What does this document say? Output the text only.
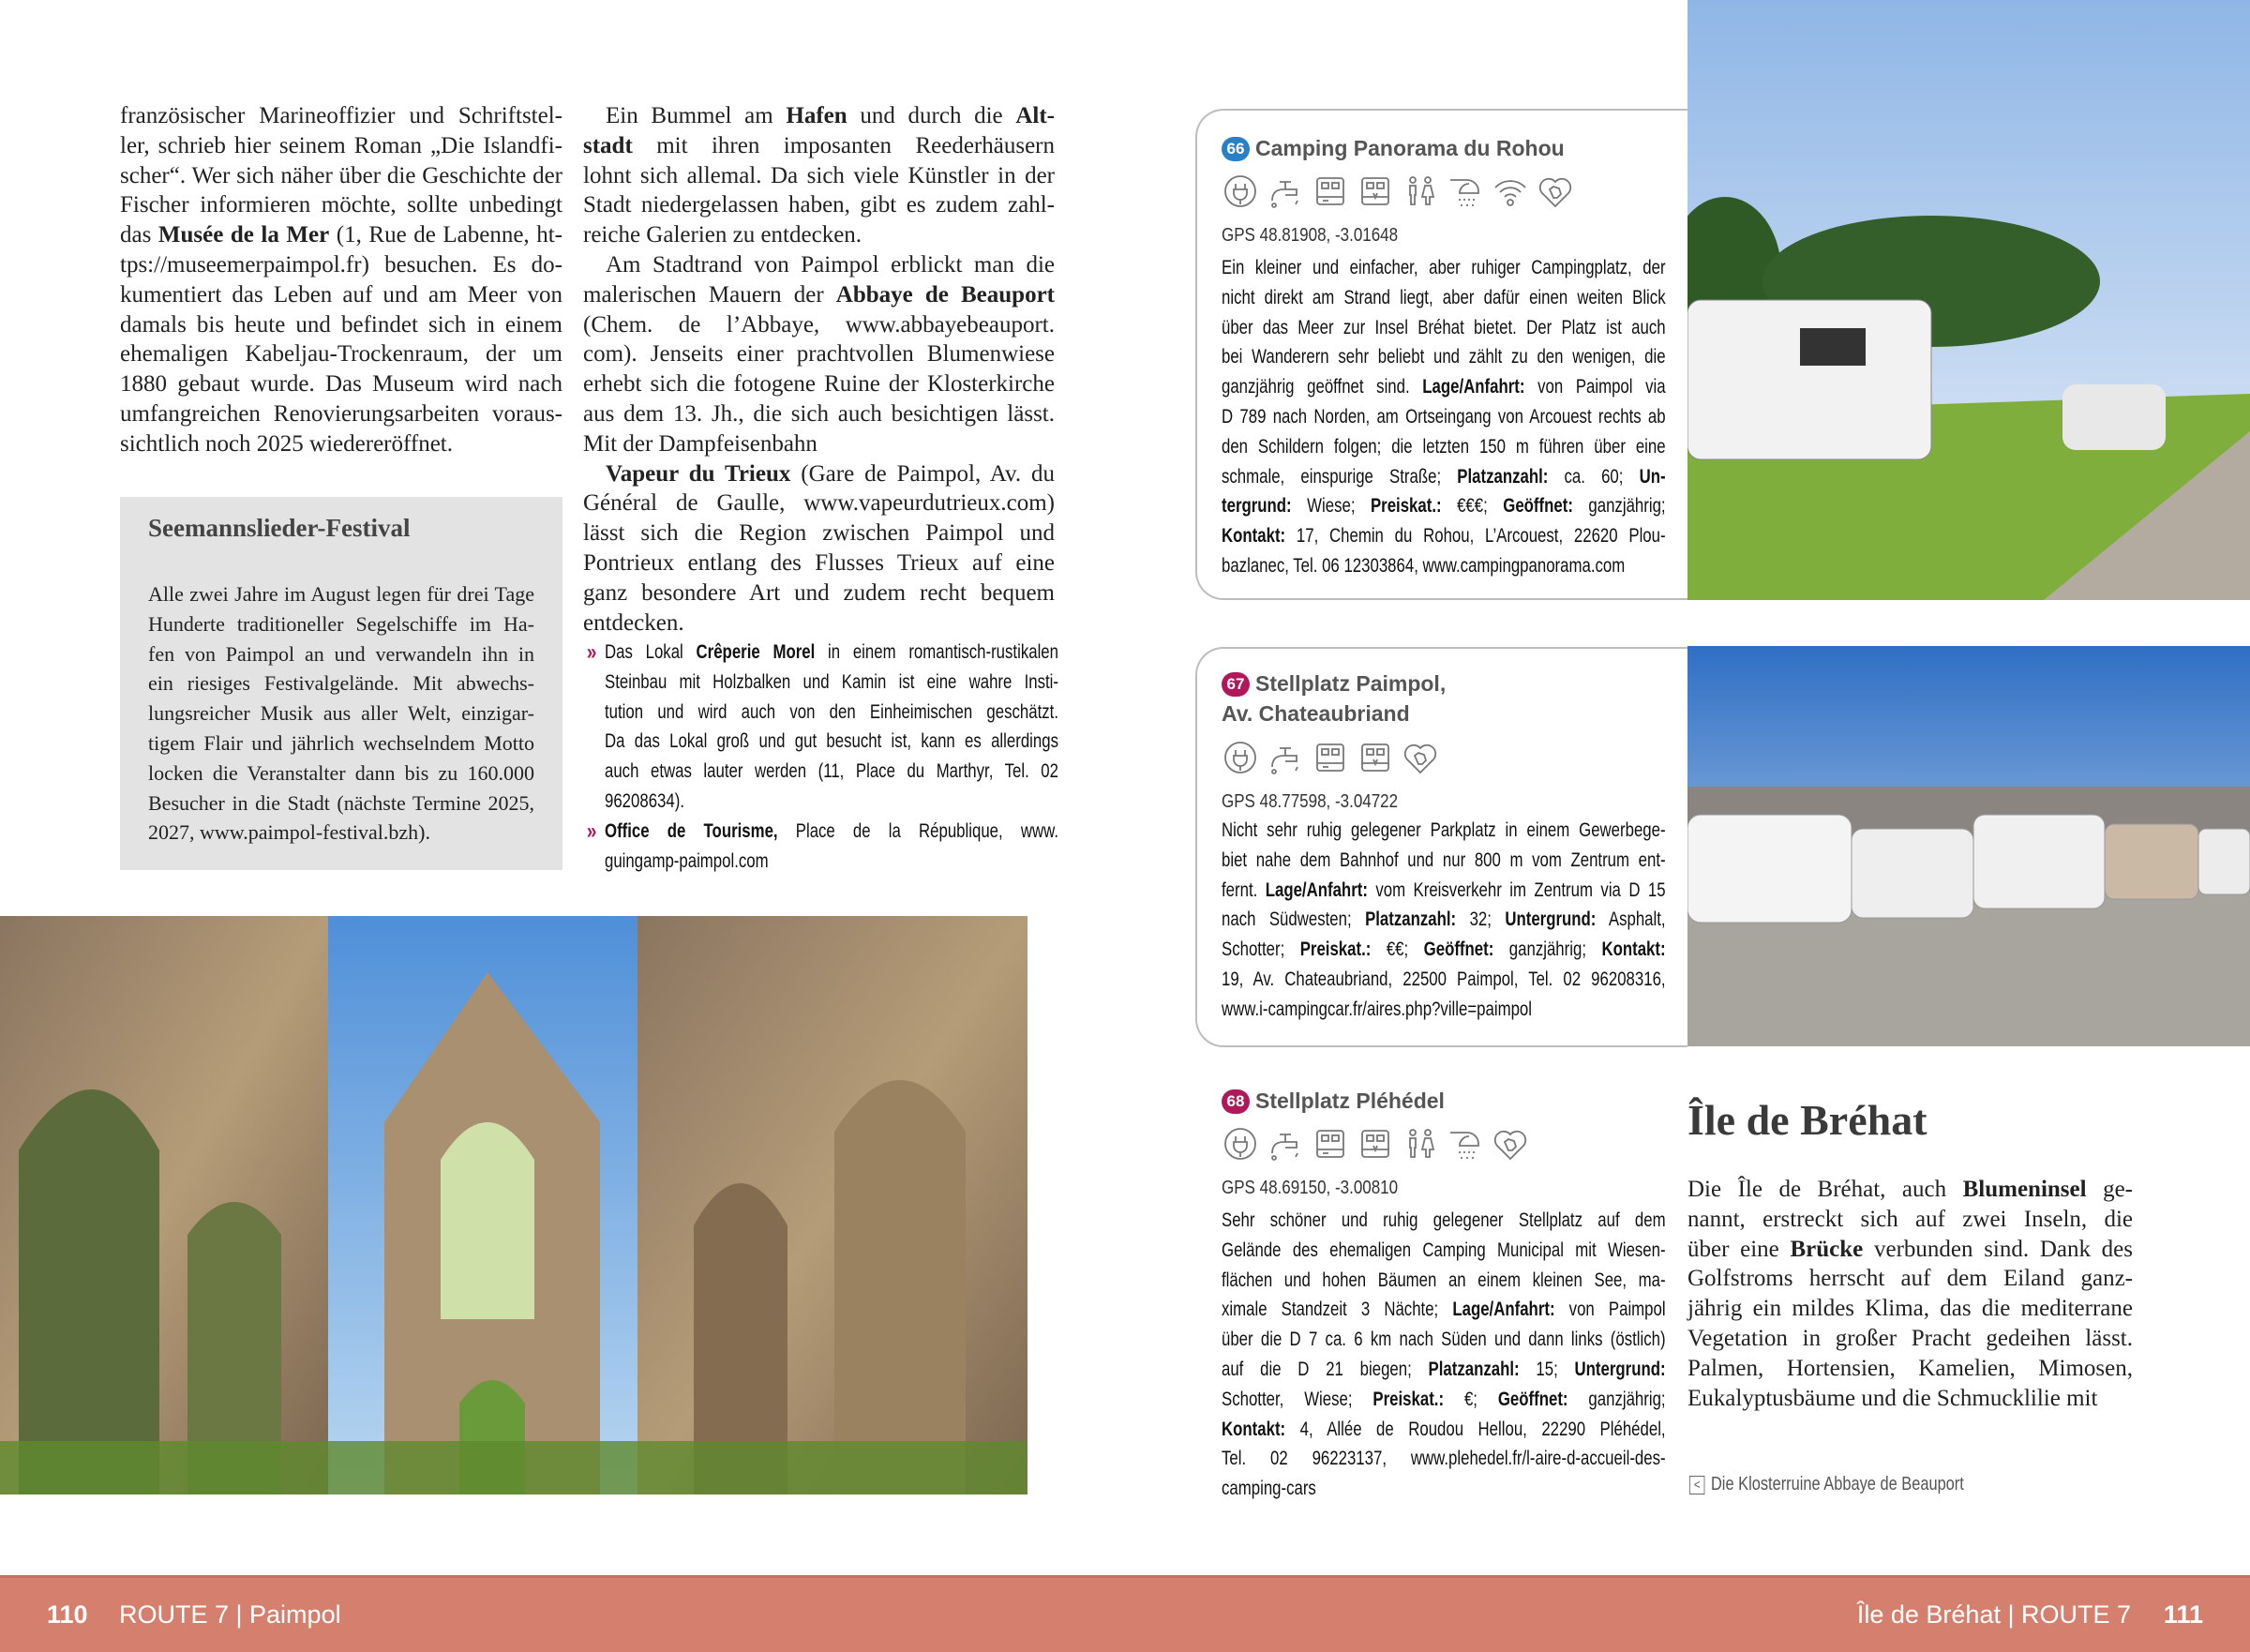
französischer Marineoffizier und Schriftstel-
ler, schrieb hier seinem Roman „Die Islandfi-
scher“. Wer sich näher über die Geschichte der
Fischer informieren möchte, sollte unbedingt
das Musée de la Mer (1, Rue de Labenne, ht-
tps://museemerpaimpol.fr) besuchen. Es do-
kumentiert das Leben auf und am Meer von
damals bis heute und befindet sich in einem
ehemaligen Kabeljau-Trockenraum, der um
1880 gebaut wurde. Das Museum wird nach
umfangreichen Renovierungsarbeiten voraus-
sichtlich noch 2025 wiedereröffnet.
Seemannslieder-Festival
Alle zwei Jahre im August legen für drei Tage
Hunderte traditioneller Segelschiffe im Ha-
fen von Paimpol an und verwandeln ihn in
ein riesiges Festivalgelände. Mit abwechs-
lungsreicher Musik aus aller Welt, einzigar-
tigem Flair und jährlich wechselndem Motto
locken die Veranstalter dann bis zu 160.000
Besucher in die Stadt (nächste Termine 2025,
2027, www.paimpol-festival.bzh).
Ein Bummel am Hafen und durch die Alt-
stadt mit ihren imposanten Reederhäusern
lohnt sich allemal. Da sich viele Künstler in der
Stadt niedergelassen haben, gibt es zudem zahl-
reiche Galerien zu entdecken.
Am Stadtrand von Paimpol erblickt man die
malerischen Mauern der Abbaye de Beauport
(Chem. de l’Abbaye, www.abbayebeauport.
com). Jenseits einer prachtvollen Blumenwiese
erhebt sich die fotogene Ruine der Klosterkirche
aus dem 13. Jh., die sich auch besichtigen lässt.
Mit der Dampfeisenbahn
Vapeur du Trieux (Gare de Paimpol, Av. du
Général de Gaulle, www.vapeurdutrieux.com)
lässt sich die Region zwischen Paimpol und
Pontrieux entlang des Flusses Trieux auf eine
ganz besondere Art und zudem recht bequem
entdecken.
» Das Lokal Crêperie Morel in einem romantisch-rustikalen
Steinbau mit Holzbalken und Kamin ist eine wahre Insti-
tution und wird auch von den Einheimischen geschätzt.
Da das Lokal groß und gut besucht ist, kann es allerdings
auch etwas lauter werden (11, Place du Marthyr, Tel. 02
96208634).
» Office de Tourisme, Place de la République, www.
guingamp-paimpol.com
66 Camping Panorama du Rohou
GPS 48.81908, -3.01648
Ein kleiner und einfacher, aber ruhiger Campingplatz, der
nicht direkt am Strand liegt, aber dafür einen weiten Blick
über das Meer zur Insel Bréhat bietet. Der Platz ist auch
bei Wanderern sehr beliebt und zählt zu den wenigen, die
ganzjährig geöffnet sind. Lage/Anfahrt: von Paimpol via
D 789 nach Norden, am Ortseingang von Arcouest rechts ab
den Schildern folgen; die letzten 150 m führen über eine
schmale, einspurige Straße; Platzanzahl: ca. 60; Un-
tergrund: Wiese; Preiskat.: €€€; Geöffnet: ganzjährig;
Kontakt: 17, Chemin du Rohou, L’Arcouest, 22620 Plou-
bazlanec, Tel. 06 12303864, www.campingpanorama.com
67 Stellplatz Paimpol,
Av. Chateaubriand
GPS 48.77598, -3.04722
Nicht sehr ruhig gelegener Parkplatz in einem Gewerbege-
biet nahe dem Bahnhof und nur 800 m vom Zentrum ent-
fernt. Lage/Anfahrt: vom Kreisverkehr im Zentrum via D 15
nach Südwesten; Platzanzahl: 32; Untergrund: Asphalt,
Schotter; Preiskat.: €€; Geöffnet: ganzjährig; Kontakt:
19, Av. Chateaubriand, 22500 Paimpol, Tel. 02 96208316,
www.i-campingcar.fr/aires.php?ville=paimpol
68 Stellplatz Pléhédel
GPS 48.69150, -3.00810
Sehr schöner und ruhig gelegener Stellplatz auf dem
Gelände des ehemaligen Camping Municipal mit Wiesen-
flächen und hohen Bäumen an einem kleinen See, ma-
ximale Standzeit 3 Nächte; Lage/Anfahrt: von Paimpol
über die D 7 ca. 6 km nach Süden und dann links (östlich)
auf die D 21 biegen; Platzanzahl: 15; Untergrund:
Schotter, Wiese; Preiskat.: €; Geöffnet: ganzjährig;
Kontakt: 4, Allée de Roudou Hellou, 22290 Pléhédel,
Tel. 02 96223137, www.plehedel.fr/l-aire-d-accueil-des-
camping-cars
Île de Bréhat
Die Île de Bréhat, auch Blumeninsel ge-
nannt, erstreckt sich auf zwei Inseln, die
über eine Brücke verbunden sind. Dank des
Golfstroms herrscht auf dem Eiland ganz-
jährig ein mildes Klima, das die mediterrane
Vegetation in großer Pracht gedeihen lässt.
Palmen, Hortensien, Kamelien, Mimosen,
Eukalyptusbäume und die Schmucklilie mit
< Die Klosterruine Abbaye de Beauport
110 ROUTE 7 | Paimpol	Île de Bréhat | ROUTE 7 111
